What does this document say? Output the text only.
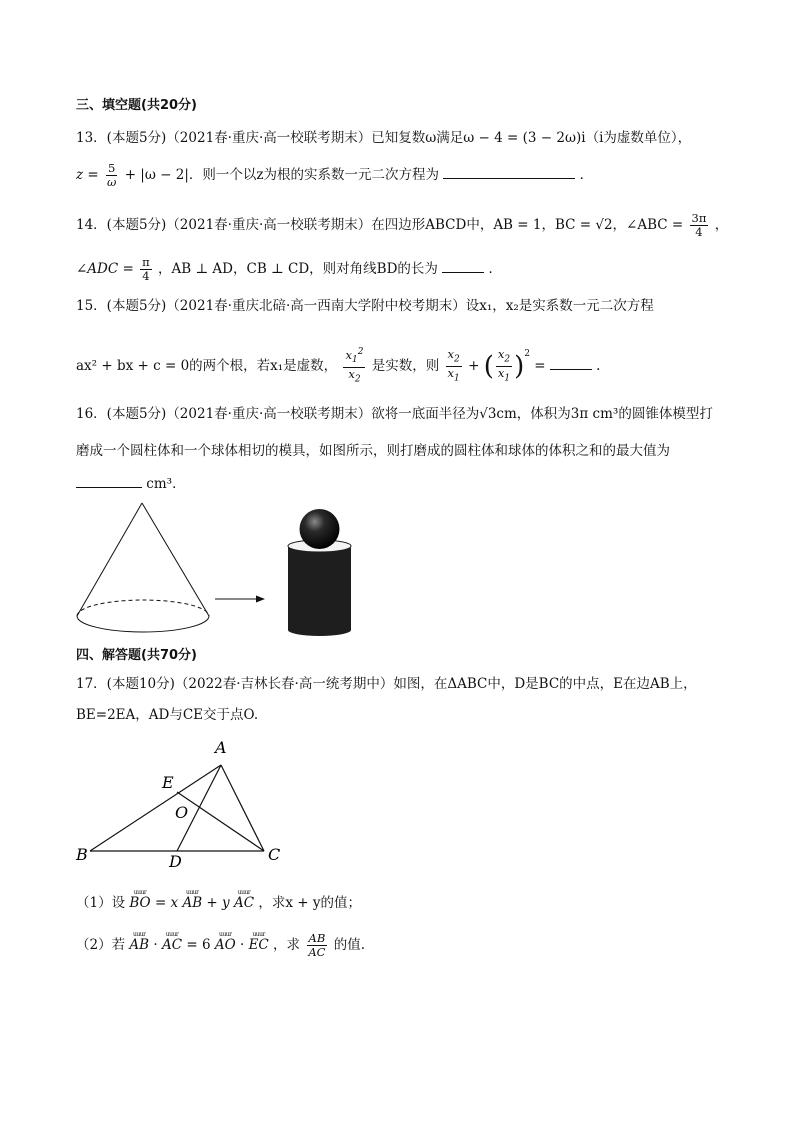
三、填空题(共20分)
13．(本题5分)（2021春·重庆·高一校联考期末）已知复数ω满足ω − 4 = (3 − 2ω)i（i为虚数单位），
$z = \frac{5}{\omega} + |\omega - 2|$．则一个以z为根的实系数一元二次方程为	．
14．(本题5分)（2021春·重庆·高一校联考期末）在四边形ABCD中，AB = 1，BC = √2，∠ABC = $\frac{3\pi}{4}$ ，
∠ADC = $\frac{\pi}{4}$ ，AB ⊥ AD，CB ⊥ CD，则对角线BD的长为	．
15．(本题5分)（2021春·重庆北碚·高一西南大学附中校考期末）设x₁，x₂是实系数一元二次方程
ax² + bx + c = 0的两个根，若x₁是虚数， $\frac{x_1^2}{x_2}$ 是实数，则 $\frac{x_2}{x_1}$ + ( $\frac{x_2}{x_1} )^2$ =	.
16．(本题5分)（2021春·重庆·高一校联考期末）欲将一底面半径为√3cm，体积为3π cm³的圆锥体模型打
磨成一个圆柱体和一个球体相切的模具，如图所示，则打磨成的圆柱体和球体的体积之和的最大值为
cm³．
四、解答题(共70分)
17．(本题10分)（2022春·吉林长春·高一统考期中）如图，在ΔABC中，D是BC的中点，E在边AB上，
BE=2EA，AD与CE交于点O.
A
B	C
D
E
O
（1）设 uuur BO = x uuur AB + y uuur AC ，求x + y的值；
（2）若 uuur AB · uuur AC = 6 uuur AO · uuur EC ，求 $\frac{AB}{AC}$ 的值.
